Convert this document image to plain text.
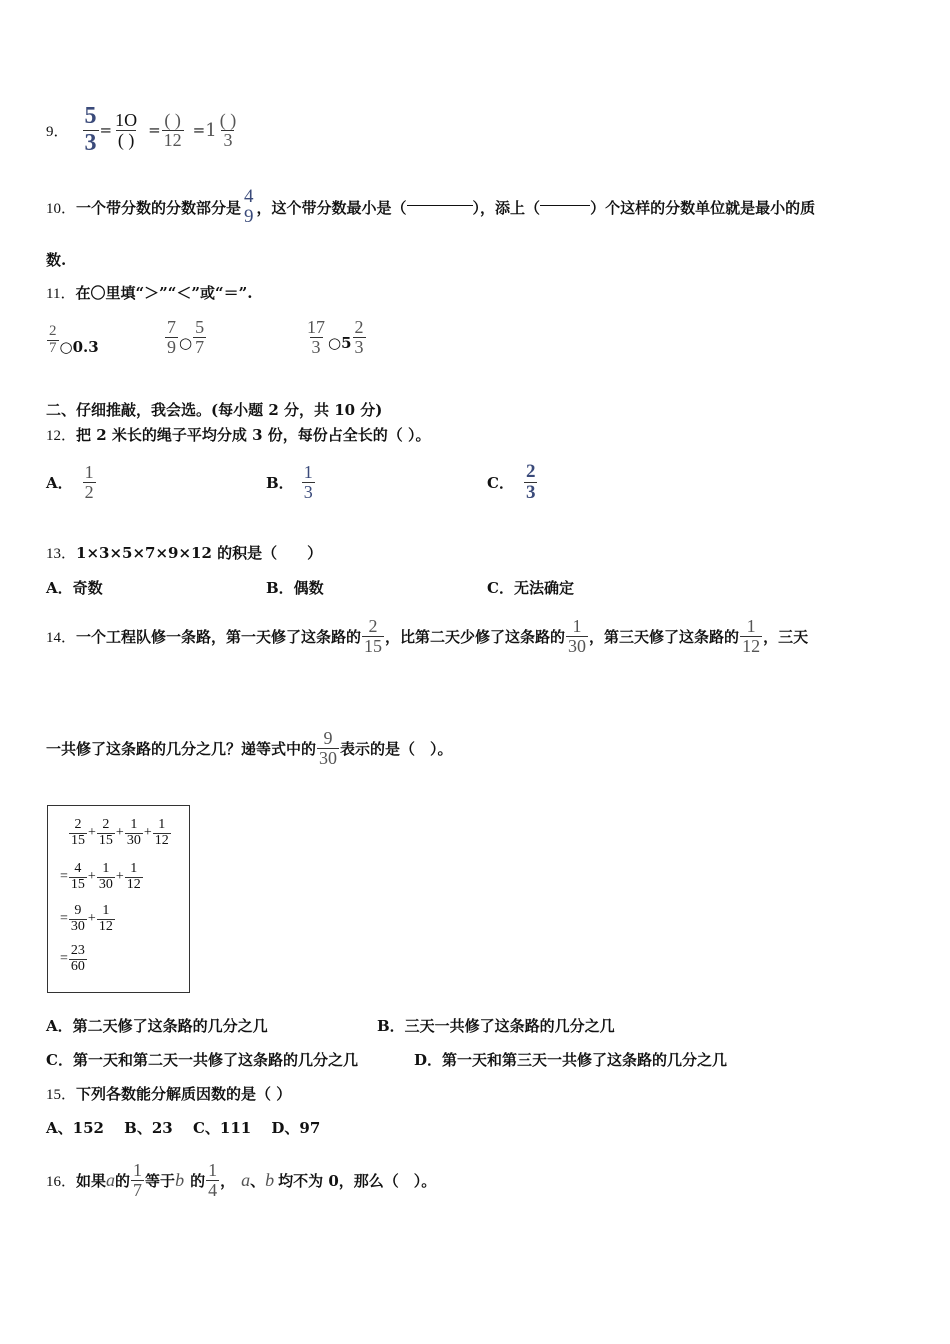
9． $\frac{5}{3} = \frac{1O}{( )} = \frac{( )}{12} = 1 \frac{( )}{3}$
10． 一个带分数的分数部分是
4
9 ，这个带分数最小是（	），添上（	）个这样的分数单位就是最小的质
数.
11．在〇里填“＞”“＜”或“＝”.
$\frac{2}{7}$ ○0.3	$\frac{7}{9}$ ○ $\frac{5}{7}$	$\frac{17}{3}$ ○5 $\frac{2}{3}$
二、仔细推敲，我会选。(每小题 2 分，共 10 分)
12．把 2 米长的绳子平均分成 3 份，每份占全长的（ ）。
A． $\frac{1}{2}$	B． $\frac{1}{3}$	C． $\frac{2}{3}$
13．1×3×5×7×9×12 的积是（　　）
A．奇数	B．偶数	C．无法确定
14． 一个工程队修一条路，第一天修了这条路的 $\frac{2}{15}$ ，比第二天少修了这条路的 $\frac{1}{30}$ ，第三天修了这条路的 $\frac{1}{12}$ ，三天
一共修了这条路的几分之几？递等式中的 $\frac{9}{30}$ 表示的是（　）。
$\frac{2}{15} + \frac{2}{15} + \frac{1}{30} + \frac{1}{12}$
= $\frac{4}{15} + \frac{1}{30} + \frac{1}{12}$
= $\frac{9}{30} + \frac{1}{12}$
= $\frac{23}{60}$
A．第二天修了这条路的几分之几	B．三天一共修了这条路的几分之几
C．第一天和第二天一共修了这条路的几分之几	D．第一天和第三天一共修了这条路的几分之几
15．下列各数能分解质因数的是（ ）
A、152　 B、23　 C、111　 D、97
16． 如果 a 的 $\frac{1}{7}$ 等于 b 的 $\frac{1}{4}$ ， a 、 b 均不为 0，那么（　）。
